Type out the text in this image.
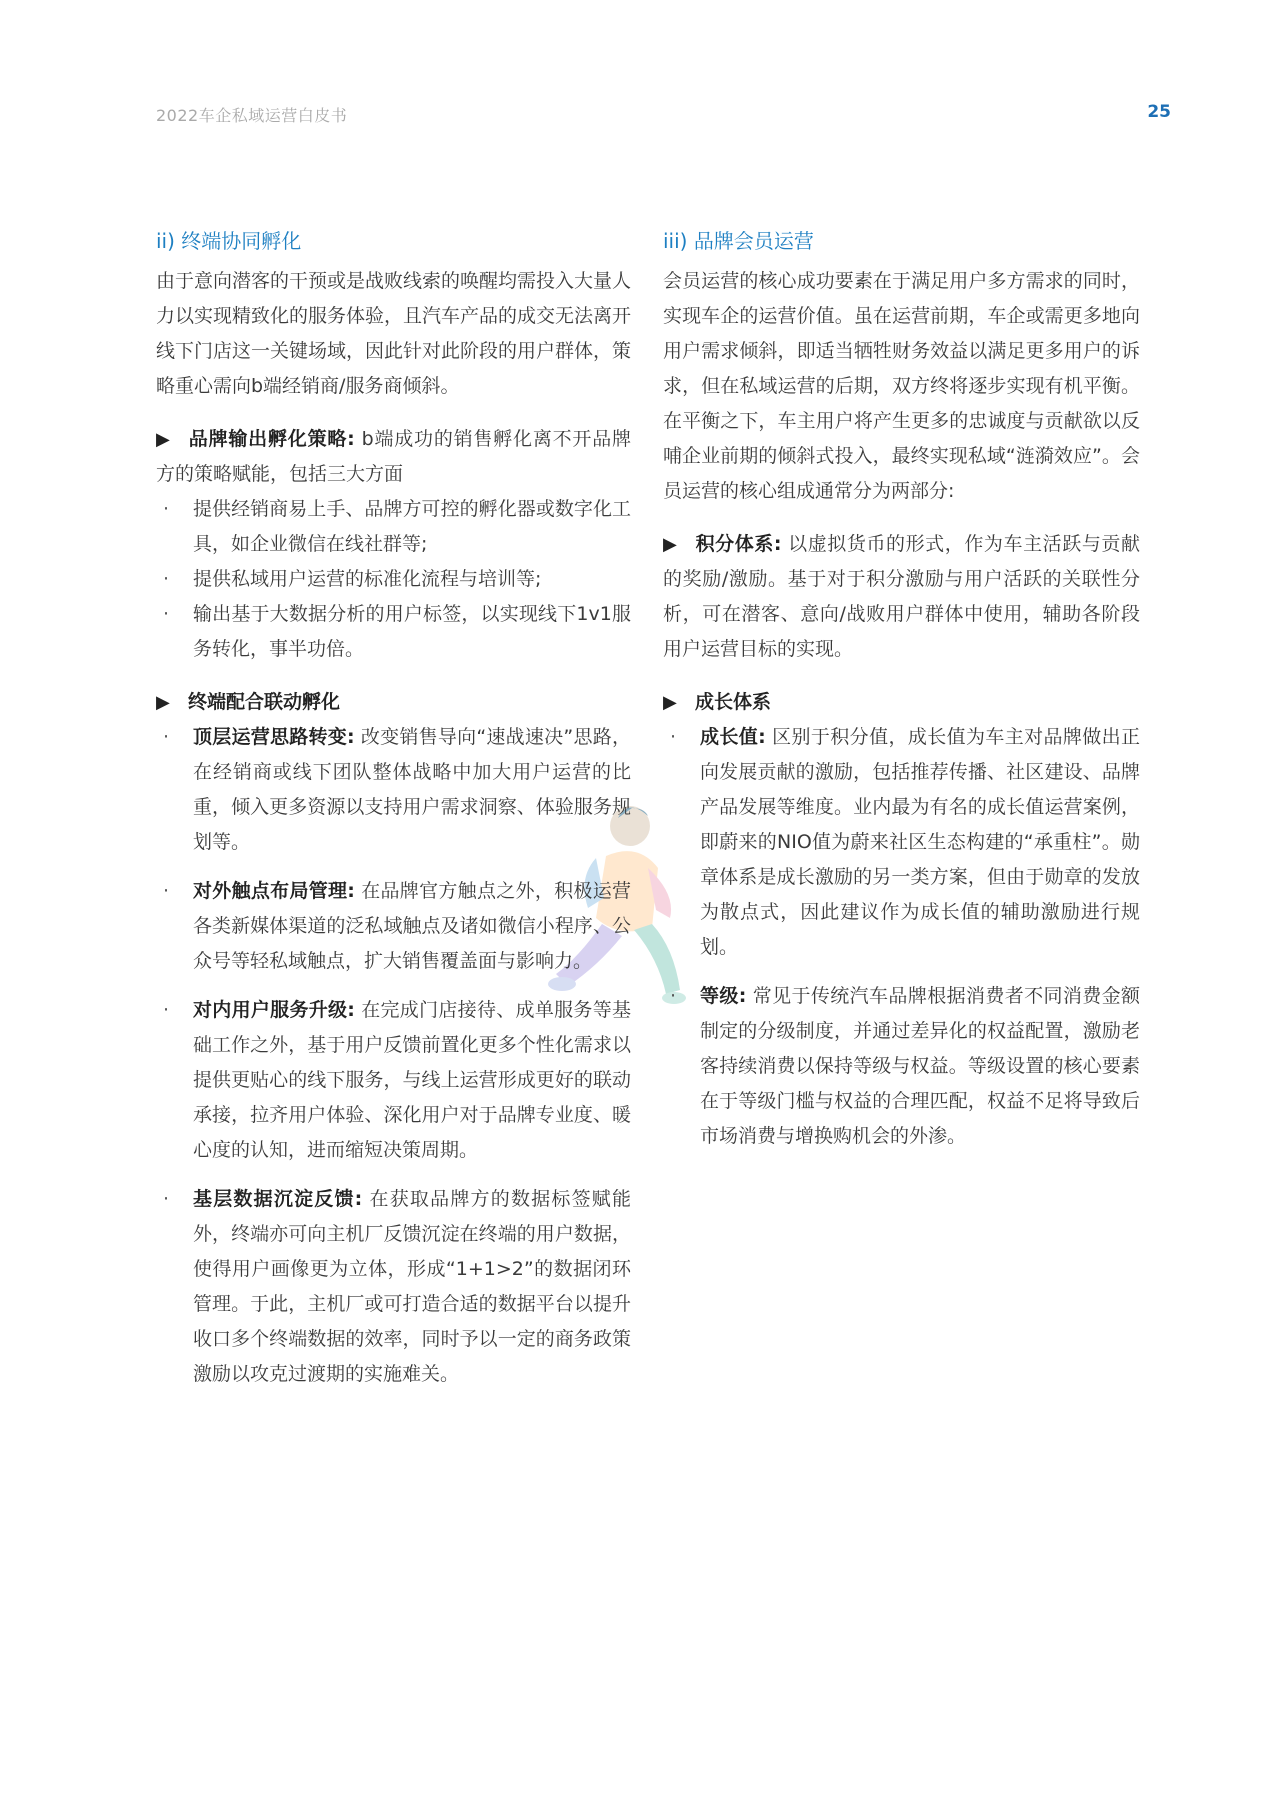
2022车企私域运营白皮书	25
ii) 终端协同孵化

由于意向潜客的干预或是战败线索的唤醒均需投入大量人力以实现精致化的服务体验，且汽车产品的成交无法离开线下门店这一关键场域，因此针对此阶段的用户群体，策略重心需向b端经销商/服务商倾斜。

▶ 品牌输出孵化策略: b端成功的销售孵化离不开品牌方的策略赋能，包括三大方面

· 提供经销商易上手、品牌方可控的孵化器或数字化工具，如企业微信在线社群等;
· 提供私域用户运营的标准化流程与培训等;
· 输出基于大数据分析的用户标签，以实现线下1v1服务转化，事半功倍。

▶ 终端配合联动孵化

· 顶层运营思路转变: 改变销售导向“速战速决”思路，在经销商或线下团队整体战略中加大用户运营的比重，倾入更多资源以支持用户需求洞察、体验服务规划等。
· 对外触点布局管理: 在品牌官方触点之外，积极运营各类新媒体渠道的泛私域触点及诸如微信小程序、公众号等轻私域触点，扩大销售覆盖面与影响力。
· 对内用户服务升级: 在完成门店接待、成单服务等基础工作之外，基于用户反馈前置化更多个性化需求以提供更贴心的线下服务，与线上运营形成更好的联动承接，拉齐用户体验、深化用户对于品牌专业度、暖心度的认知，进而缩短决策周期。
· 基层数据沉淀反馈: 在获取品牌方的数据标签赋能外，终端亦可向主机厂反馈沉淀在终端的用户数据，使得用户画像更为立体，形成“1+1>2”的数据闭环管理。于此，主机厂或可打造合适的数据平台以提升收口多个终端数据的效率，同时予以一定的商务政策激励以攻克过渡期的实施难关。
iii) 品牌会员运营

会员运营的核心成功要素在于满足用户多方需求的同时，实现车企的运营价值。虽在运营前期，车企或需更多地向用户需求倾斜，即适当牺牲财务效益以满足更多用户的诉求，但在私域运营的后期，双方终将逐步实现有机平衡。在平衡之下，车主用户将产生更多的忠诚度与贡献欲以反哺企业前期的倾斜式投入，最终实现私域“涟漪效应”。会员运营的核心组成通常分为两部分:

▶ 积分体系: 以虚拟货币的形式，作为车主活跃与贡献的奖励/激励。基于对于积分激励与用户活跃的关联性分析，可在潜客、意向/战败用户群体中使用，辅助各阶段用户运营目标的实现。

▶ 成长体系

· 成长值: 区别于积分值，成长值为车主对品牌做出正向发展贡献的激励，包括推荐传播、社区建设、品牌产品发展等维度。业内最为有名的成长值运营案例，即蔚来的NIO值为蔚来社区生态构建的“承重柱”。勋章体系是成长激励的另一类方案，但由于勋章的发放为散点式，因此建议作为成长值的辅助激励进行规划。
· 等级: 常见于传统汽车品牌根据消费者不同消费金额制定的分级制度，并通过差异化的权益配置，激励老客持续消费以保持等级与权益。等级设置的核心要素在于等级门槛与权益的合理匹配，权益不足将导致后市场消费与增换购机会的外渗。
